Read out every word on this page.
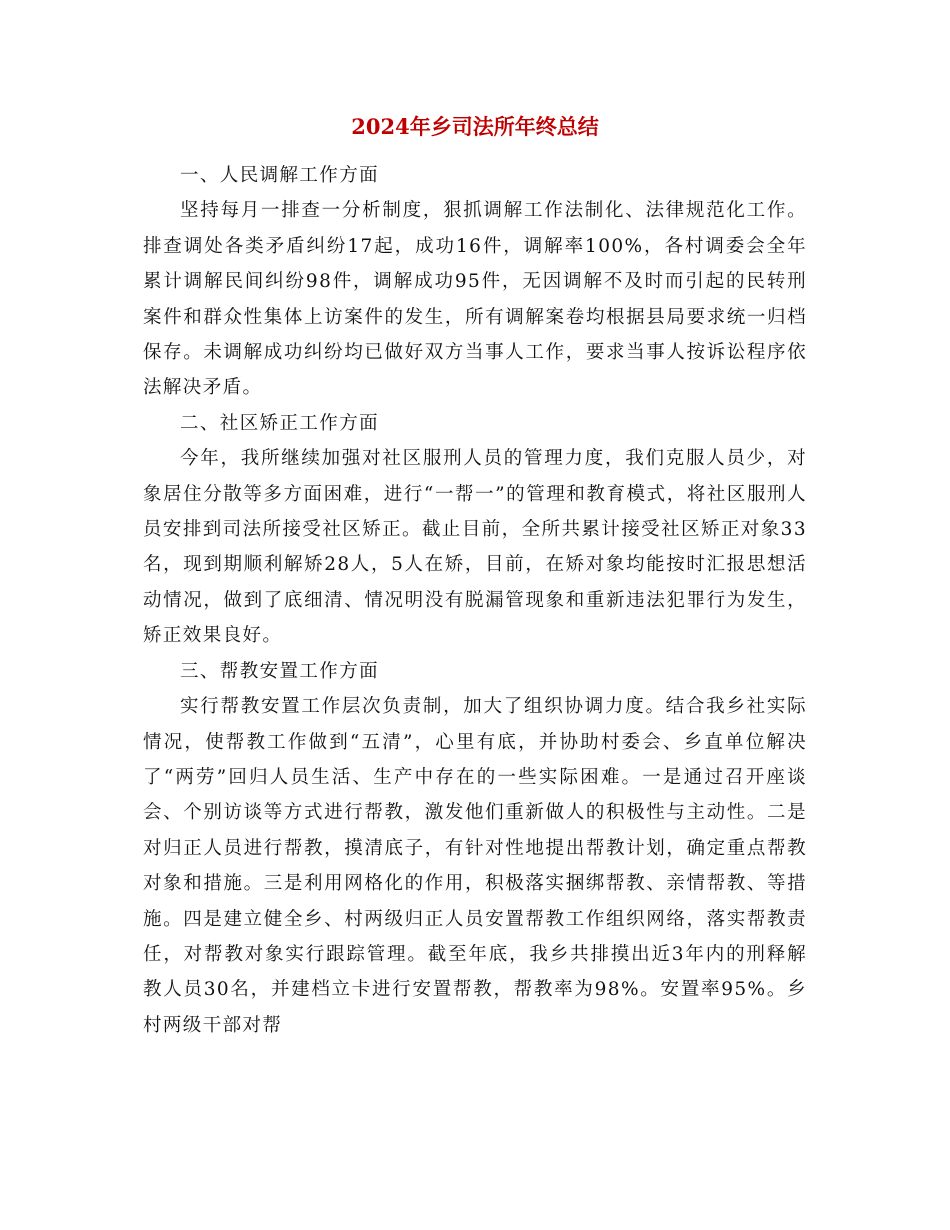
2024年乡司法所年终总结

一、人民调解工作方面

坚持每月一排查一分析制度，狠抓调解工作法制化、法律规范化工作。排查调处各类矛盾纠纷17起，成功16件，调解率100%，各村调委会全年累计调解民间纠纷98件，调解成功95件，无因调解不及时而引起的民转刑案件和群众性集体上访案件的发生，所有调解案卷均根据县局要求统一归档保存。未调解成功纠纷均已做好双方当事人工作，要求当事人按诉讼程序依法解决矛盾。

二、社区矫正工作方面

今年，我所继续加强对社区服刑人员的管理力度，我们克服人员少，对象居住分散等多方面困难，进行“一帮一”的管理和教育模式，将社区服刑人员安排到司法所接受社区矫正。截止目前，全所共累计接受社区矫正对象33名，现到期顺利解矫28人，5人在矫，目前，在矫对象均能按时汇报思想活动情况，做到了底细清、情况明没有脱漏管现象和重新违法犯罪行为发生，矫正效果良好。

三、帮教安置工作方面

实行帮教安置工作层次负责制，加大了组织协调力度。结合我乡社实际情况，使帮教工作做到“五清”，心里有底，并协助村委会、乡直单位解决了“两劳”回归人员生活、生产中存在的一些实际困难。一是通过召开座谈会、个别访谈等方式进行帮教，激发他们重新做人的积极性与主动性。二是对归正人员进行帮教，摸清底子，有针对性地提出帮教计划，确定重点帮教对象和措施。三是利用网格化的作用，积极落实捆绑帮教、亲情帮教、等措施。四是建立健全乡、村两级归正人员安置帮教工作组织网络，落实帮教责任，对帮教对象实行跟踪管理。截至年底，我乡共排摸出近3年内的刑释解教人员30名，并建档立卡进行安置帮教，帮教率为98%。安置率95%。乡村两级干部对帮
